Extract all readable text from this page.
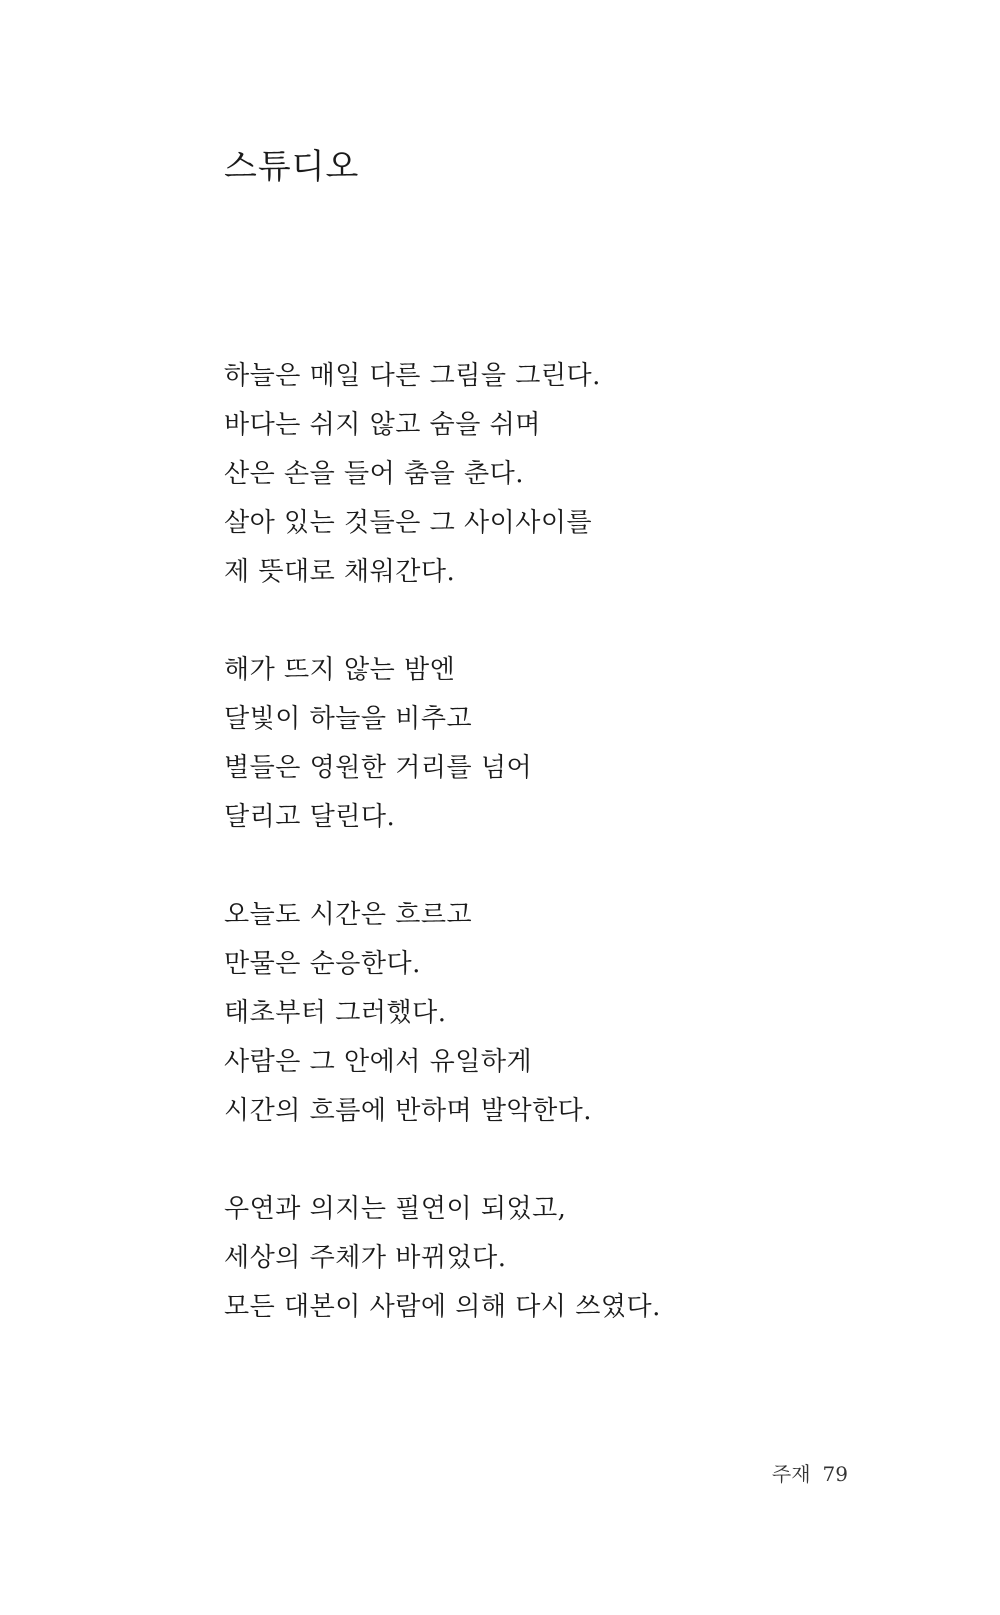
스튜디오
하늘은 매일 다른 그림을 그린다.
바다는 쉬지 않고 숨을 쉬며
산은 손을 들어 춤을 춘다.
살아 있는 것들은 그 사이사이를
제 뜻대로 채워간다.
해가 뜨지 않는 밤엔
달빛이 하늘을 비추고
별들은 영원한 거리를 넘어
달리고 달린다.
오늘도 시간은 흐르고
만물은 순응한다.
태초부터 그러했다.
사람은 그 안에서 유일하게
시간의 흐름에 반하며 발악한다.
우연과 의지는 필연이 되었고,
세상의 주체가 바뀌었다.
모든 대본이 사람에 의해 다시 쓰였다.
주재 79
